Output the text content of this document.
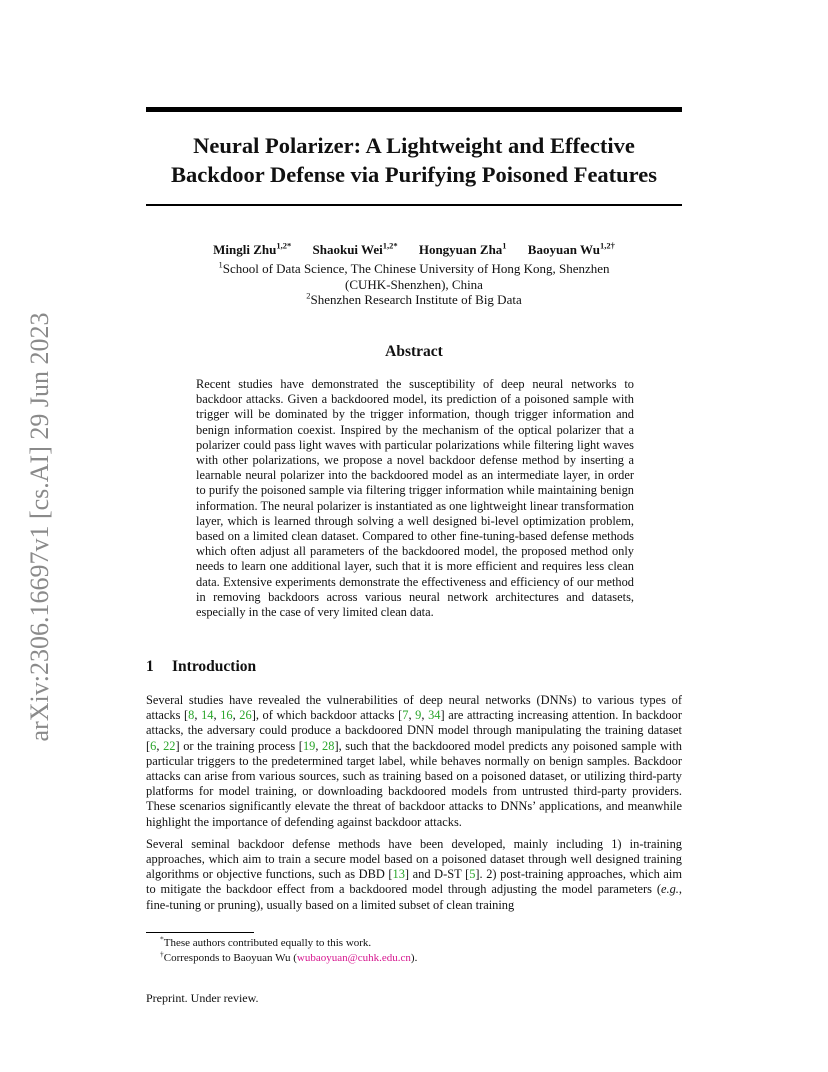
arXiv:2306.16697v1 [cs.AI] 29 Jun 2023
Neural Polarizer: A Lightweight and Effective
Backdoor Defense via Purifying Poisoned Features
Mingli Zhu$^{1,2*}$ Shaokui Wei$^{1,2*}$ Hongyuan Zha$^1$ Baoyuan $Wu^{1,2\dagger}$
$^1$School of Data Science, The Chinese University of Hong Kong, Shenzhen
(CUHK-Shenzhen), China
$^2$Shenzhen Research Institute of Big Data
Abstract
Recent studies have demonstrated the susceptibility of deep neural networks to backdoor attacks. Given a backdoored model, its prediction of a poisoned sample with trigger will be dominated by the trigger information, though trigger information and benign information coexist. Inspired by the mechanism of the optical polarizer that a polarizer could pass light waves with particular polarizations while filtering light waves with other polarizations, we propose a novel backdoor defense method by inserting a learnable neural polarizer into the backdoored model as an intermediate layer, in order to purify the poisoned sample via filtering trigger information while maintaining benign information. The neural polarizer is instantiated as one lightweight linear transformation layer, which is learned through solving a well designed bi-level optimization problem, based on a limited clean dataset. Compared to other fine-tuning-based defense methods which often adjust all parameters of the backdoored model, the proposed method only needs to learn one additional layer, such that it is more efficient and requires less clean data. Extensive experiments demonstrate the effectiveness and efficiency of our method in removing backdoors across various neural network architectures and datasets, especially in the case of very limited clean data.
1 Introduction

Several studies have revealed the vulnerabilities of deep neural networks (DNNs) to various types of attacks [8, 14, 16, 26], of which backdoor attacks [7, 9, 34] are attracting increasing attention. In backdoor attacks, the adversary could produce a backdoored DNN model through manipulating the training dataset [6, 22] or the training process [19, 28], such that the backdoored model predicts any poisoned sample with particular triggers to the predetermined target label, while behaves normally on benign samples. Backdoor attacks can arise from various sources, such as training based on a poisoned dataset, or utilizing third-party platforms for model training, or downloading backdoored models from untrusted third-party providers. These scenarios significantly elevate the threat of backdoor attacks to DNNs’ applications, and meanwhile highlight the importance of defending against backdoor attacks.

Several seminal backdoor defense methods have been developed, mainly including 1) in-training approaches, which aim to train a secure model based on a poisoned dataset through well designed training algorithms or objective functions, such as DBD [13] and D-ST [5]. 2) post-training approaches, which aim to mitigate the backdoor effect from a backdoored model through adjusting the model parameters (e.g., fine-tuning or pruning), usually based on a limited subset of clean training

*These authors contributed equally to this work.
†Corresponds to Baoyuan Wu (wubaoyuan@cuhk.edu.cn).
Preprint. Under review.
